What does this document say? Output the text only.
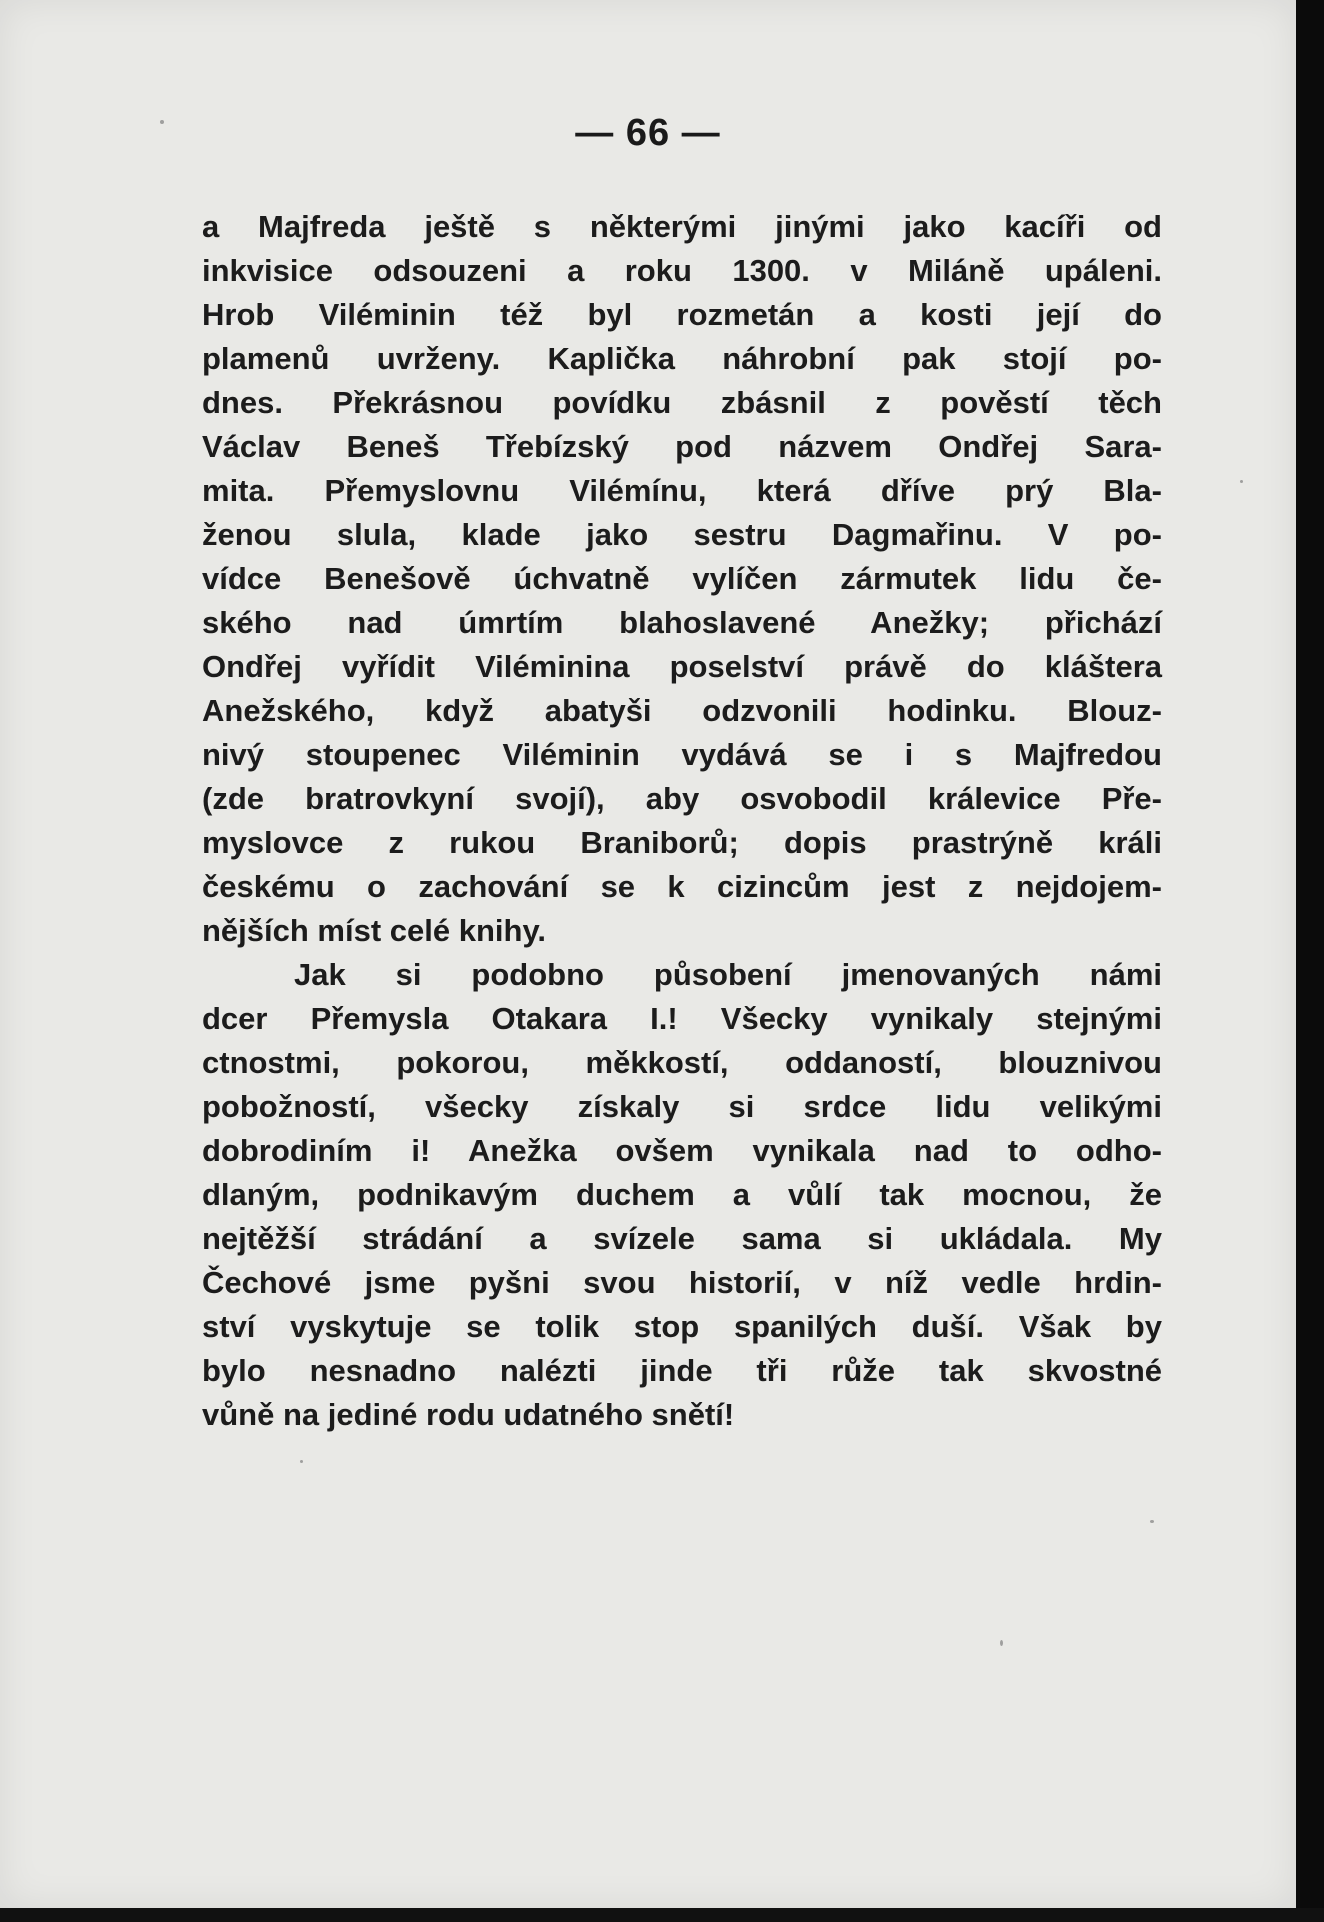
— 66 —
a Majfreda ještě s některými jinými jako kacíři od
inkvisice odsouzeni a roku 1300. v Miláně upáleni.
Hrob Viléminin též byl rozmetán a kosti její do
plamenů uvrženy. Kaplička náhrobní pak stojí po-
dnes. Překrásnou povídku zbásnil z pověstí těch
Václav Beneš Třebízský pod názvem Ondřej Sara-
mita. Přemyslovnu Vilémínu, která dříve prý Bla-
ženou slula, klade jako sestru Dagmařinu. V po-
vídce Benešově úchvatně vylíčen zármutek lidu če-
ského nad úmrtím blahoslavené Anežky; přichází
Ondřej vyřídit Viléminina poselství právě do kláštera
Anežského, když abatyši odzvonili hodinku. Blouz-
nivý stoupenec Viléminin vydává se i s Majfredou
(zde bratrovkyní svojí), aby osvobodil králevice Pře-
myslovce z rukou Braniborů; dopis prastrýně králi
českému o zachování se k cizincům jest z nejdojem-
nějších míst celé knihy.
Jak si podobno působení jmenovaných námi
dcer Přemysla Otakara I.! Všecky vynikaly stejnými
ctnostmi, pokorou, měkkostí, oddaností, blouznivou
pobožností, všecky získaly si srdce lidu velikými
dobrodiním i! Anežka ovšem vynikala nad to odho-
dlaným, podnikavým duchem a vůlí tak mocnou, že
nejtěžší strádání a svízele sama si ukládala. My
Čechové jsme pyšni svou historií, v níž vedle hrdin-
ství vyskytuje se tolik stop spanilých duší. Však by
bylo nesnadno nalézti jinde tři růže tak skvostné
vůně na jediné rodu udatného snětí!
